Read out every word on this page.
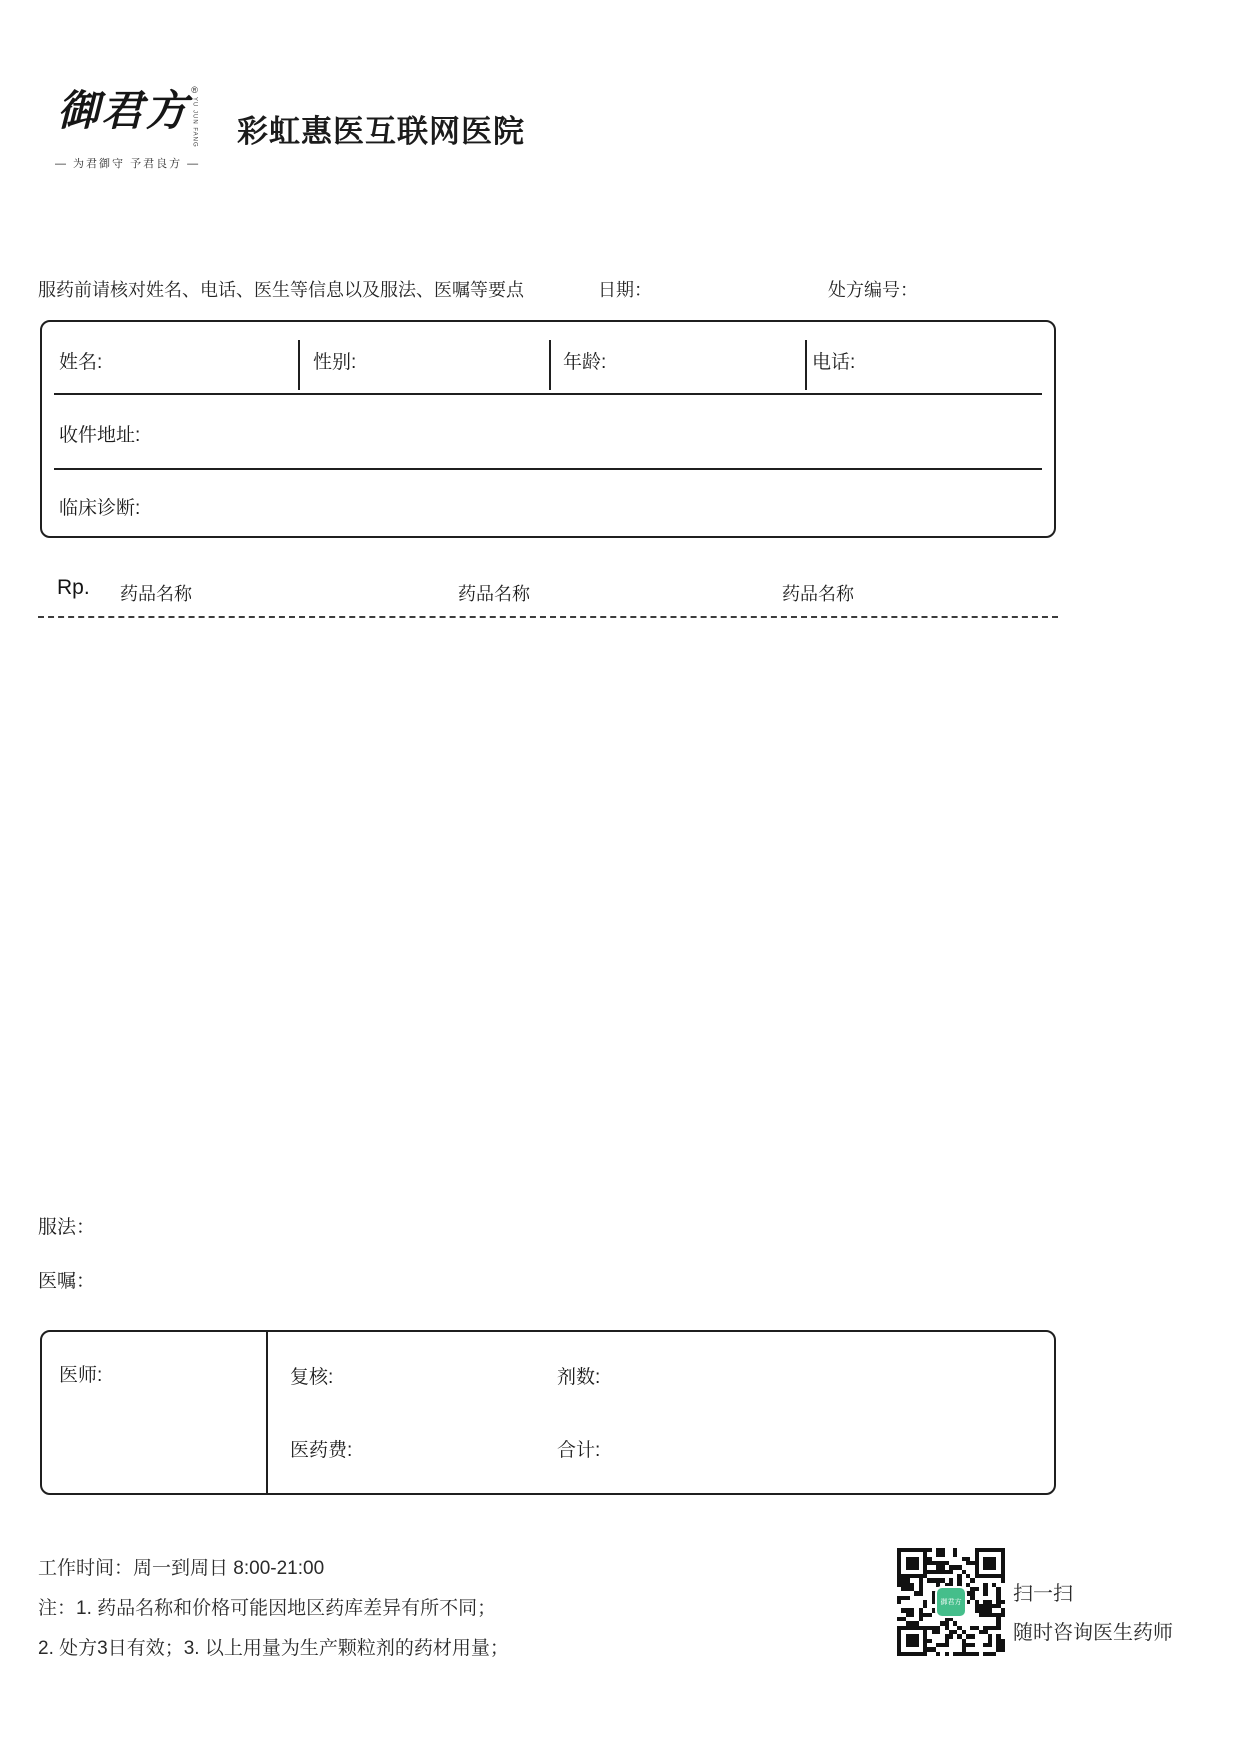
御君方 ®
YU JUN FANG
— 为君御守 予君良方 —
彩虹惠医互联网医院
服药前请核对姓名、电话、医生等信息以及服法、医嘱等要点	日期：	处方编号：
姓名:	性别:	年龄:	电话:
收件地址:
临床诊断:
Rp. 药品名称	药品名称	药品名称
服法：
医嘱：
医师:	复核:	剂数:
医药费:	合计:
工作时间：周一到周日 8:00-21:00
注：1. 药品名称和价格可能因地区药库差异有所不同；
2. 处方3日有效；3. 以上用量为生产颗粒剂的药材用量；
御君方	扫一扫
随时咨询医生药师
